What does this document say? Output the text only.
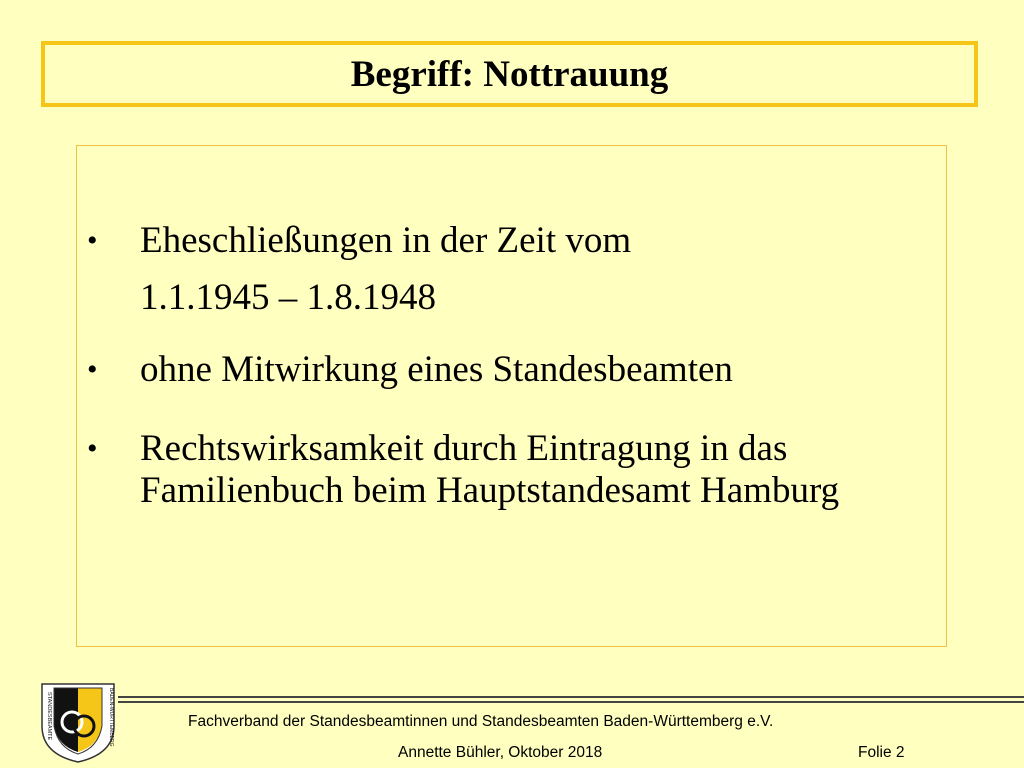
Begriff: Nottrauung
• Eheschließungen in der Zeit vom
1.1.1945 – 1.8.1948
• ohne Mitwirkung eines Standesbeamten
• Rechtswirksamkeit durch Eintragung in das Familienbuch beim Hauptstandesamt Hamburg
STANDESBEAMTE	BADEN-WÜRTTEMBERG	Fachverband der Standesbeamtinnen und Standesbeamten Baden-Württemberg e.V.
Annette Bühler, Oktober 2018	Folie 2
